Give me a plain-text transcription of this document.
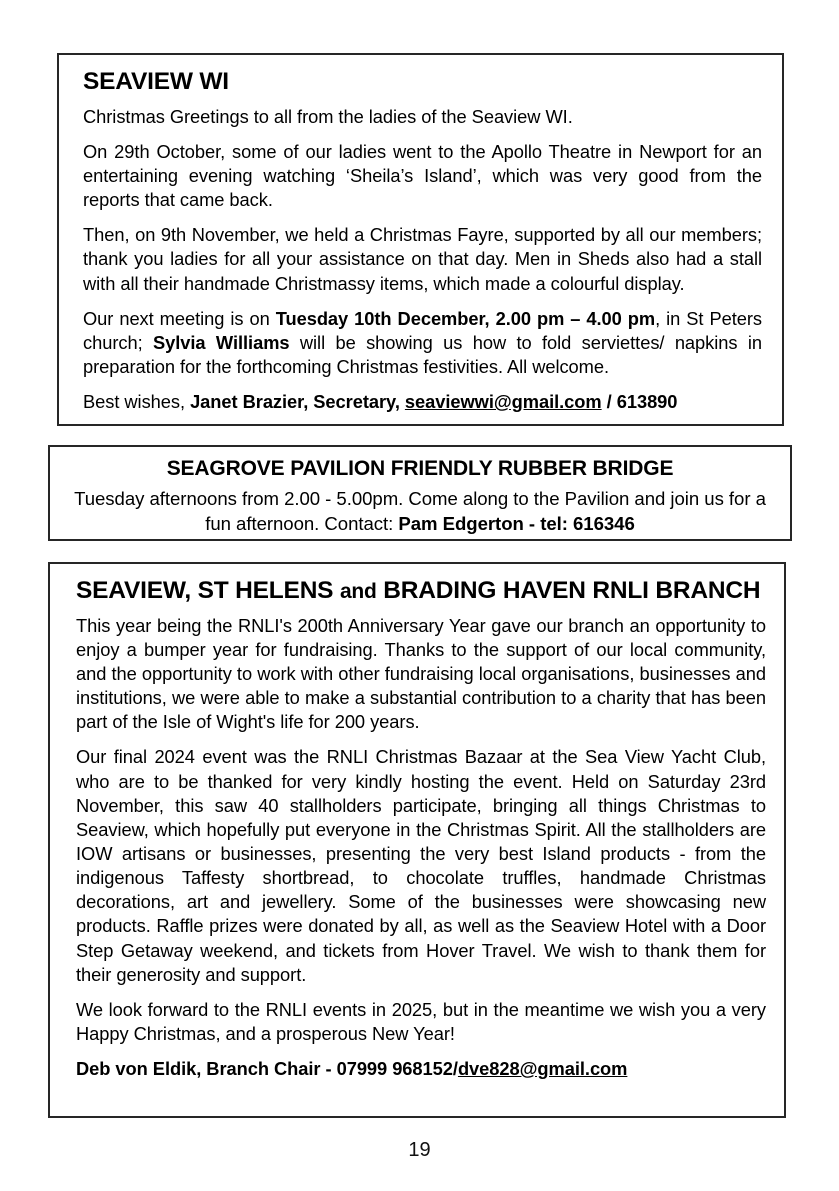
SEAVIEW WI

Christmas Greetings to all from the ladies of the Seaview WI.

On 29th October, some of our ladies went to the Apollo Theatre in Newport for an entertaining evening watching ‘Sheila’s Island’, which was very good from the reports that came back.

Then, on 9th November, we held a Christmas Fayre, supported by all our members; thank you ladies for all your assistance on that day. Men in Sheds also had a stall with all their handmade Christmassy items, which made a colourful display.

Our next meeting is on Tuesday 10th December, 2.00 pm – 4.00 pm, in St Peters church; Sylvia Williams will be showing us how to fold serviettes/ napkins in preparation for the forthcoming Christmas festivities. All welcome.

Best wishes, Janet Brazier, Secretary, seaviewwi@gmail.com / 613890

SEAGROVE PAVILION FRIENDLY RUBBER BRIDGE

Tuesday afternoons from 2.00 - 5.00pm. Come along to the Pavilion and join us for a fun afternoon. Contact: Pam Edgerton - tel: 616346

SEAVIEW, ST HELENS and BRADING HAVEN RNLI BRANCH

This year being the RNLI's 200th Anniversary Year gave our branch an opportunity to enjoy a bumper year for fundraising. Thanks to the support of our local community, and the opportunity to work with other fundraising local organisations, businesses and institutions, we were able to make a substantial contribution to a charity that has been part of the Isle of Wight's life for 200 years.

Our final 2024 event was the RNLI Christmas Bazaar at the Sea View Yacht Club, who are to be thanked for very kindly hosting the event. Held on Saturday 23rd November, this saw 40 stallholders participate, bringing all things Christmas to Seaview, which hopefully put everyone in the Christmas Spirit. All the stallholders are IOW artisans or businesses, presenting the very best Island products - from the indigenous Taffesty shortbread, to chocolate truffles, handmade Christmas decorations, art and jewellery. Some of the businesses were showcasing new products. Raffle prizes were donated by all, as well as the Seaview Hotel with a Door Step Getaway weekend, and tickets from Hover Travel. We wish to thank them for their generosity and support.

We look forward to the RNLI events in 2025, but in the meantime we wish you a very Happy Christmas, and a prosperous New Year!

Deb von Eldik, Branch Chair - 07999 968152/dve828@gmail.com

19
